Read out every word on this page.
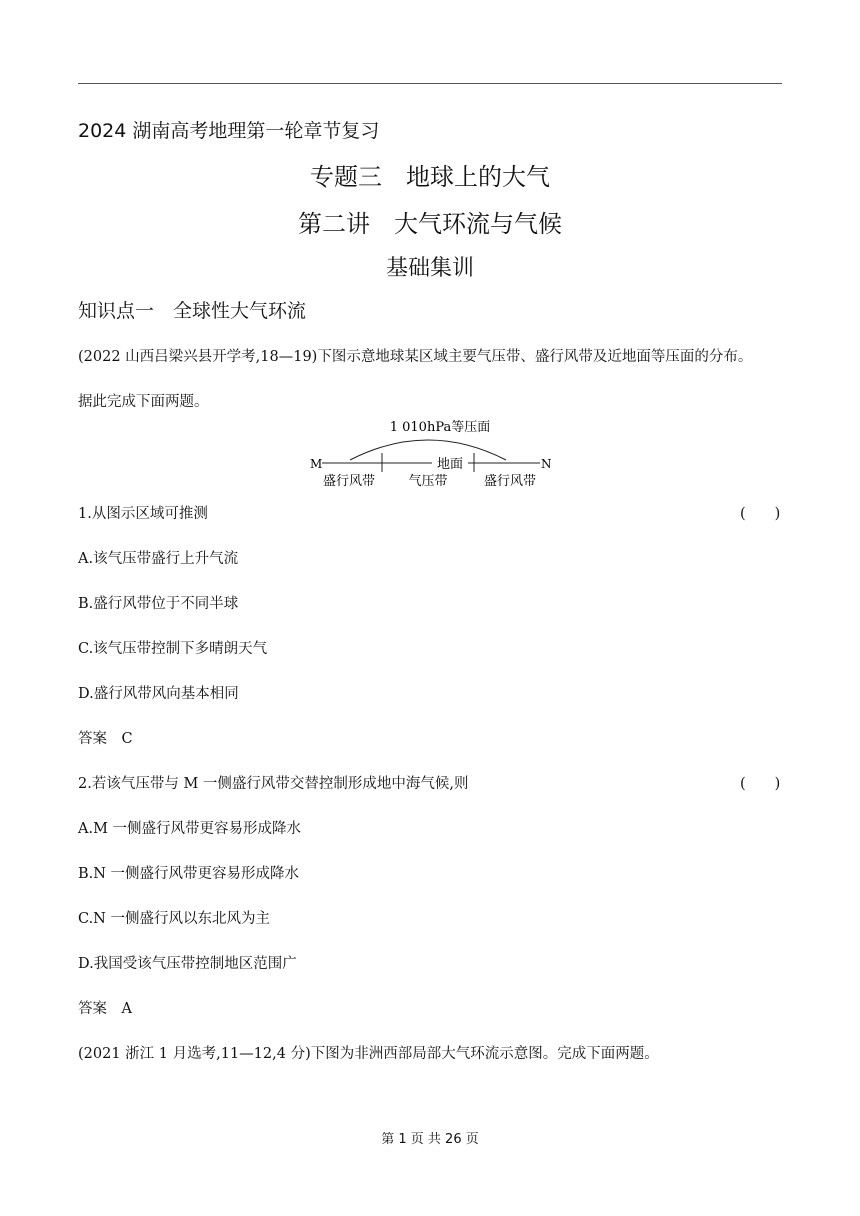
2024 湖南高考地理第一轮章节复习
专题三　地球上的大气
第二讲　大气环流与气候
基础集训
知识点一　全球性大气环流
(2022 山西吕梁兴县开学考,18—19)下图示意地球某区域主要气压带、盛行风带及近地面等压面的分布。
据此完成下面两题。
1 010hPa等压面
M	地面	N
盛行风带	气压带	盛行风带
1.从图示区域可推测	(　　)
A.该气压带盛行上升气流
B.盛行风带位于不同半球
C.该气压带控制下多晴朗天气
D.盛行风带风向基本相同
答案　C
2.若该气压带与 M 一侧盛行风带交替控制形成地中海气候,则	(　　)
A.M 一侧盛行风带更容易形成降水
B.N 一侧盛行风带更容易形成降水
C.N 一侧盛行风以东北风为主
D.我国受该气压带控制地区范围广
答案　A
(2021 浙江 1 月选考,11—12,4 分)下图为非洲西部局部大气环流示意图。完成下面两题。
第 1 页 共 26 页
